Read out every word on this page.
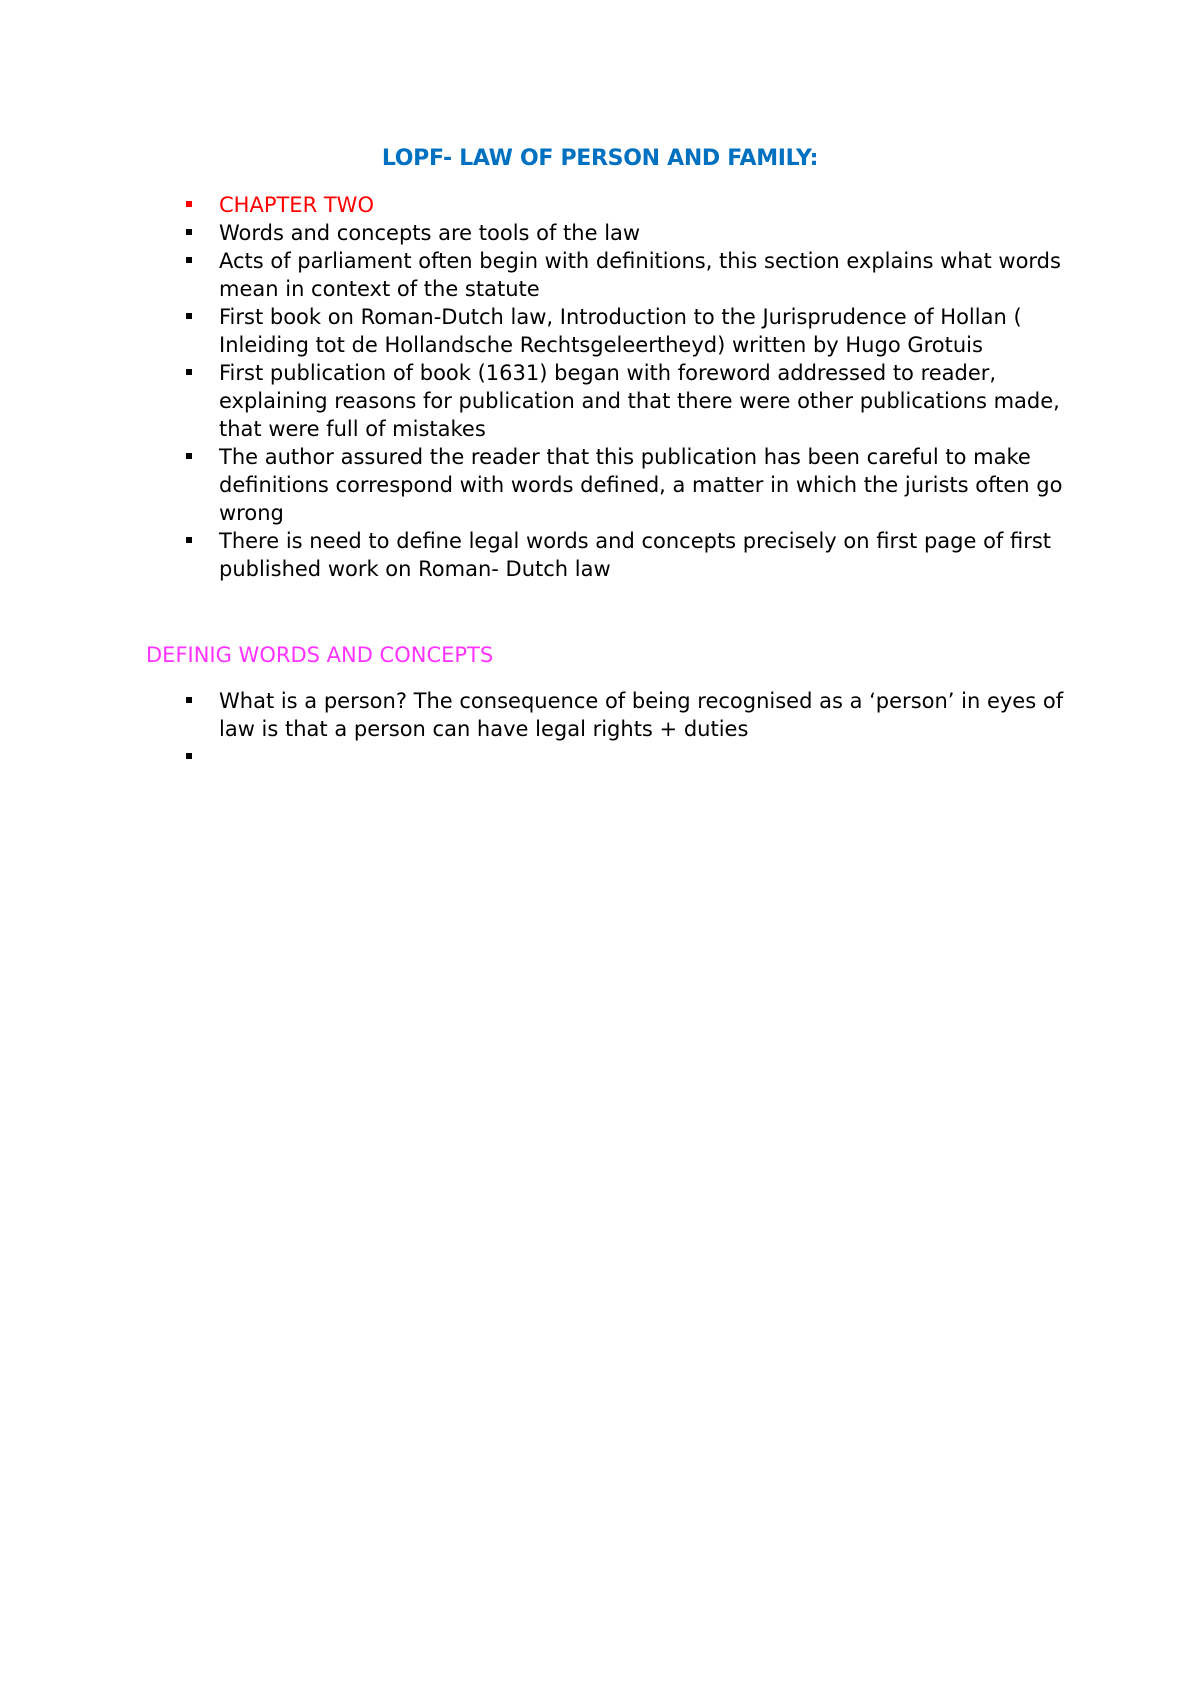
LOPF- LAW OF PERSON AND FAMILY:
CHAPTER TWO
Words and concepts are tools of the law
Acts of parliament often begin with definitions, this section explains what words mean in context of the statute
First book on Roman-Dutch law, Introduction to the Jurisprudence of Hollan ( Inleiding tot de Hollandsche Rechtsgeleertheyd) written by Hugo Grotuis
First publication of book (1631) began with foreword addressed to reader, explaining reasons for publication and that there were other publications made, that were full of mistakes
The author assured the reader that this publication has been careful to make definitions correspond with words defined, a matter in which the jurists often go wrong
There is need to define legal words and concepts precisely on first page of first published work on Roman- Dutch law
DEFINIG WORDS AND CONCEPTS
What is a person? The consequence of being recognised as a ‘person’ in eyes of law is that a person can have legal rights + duties
